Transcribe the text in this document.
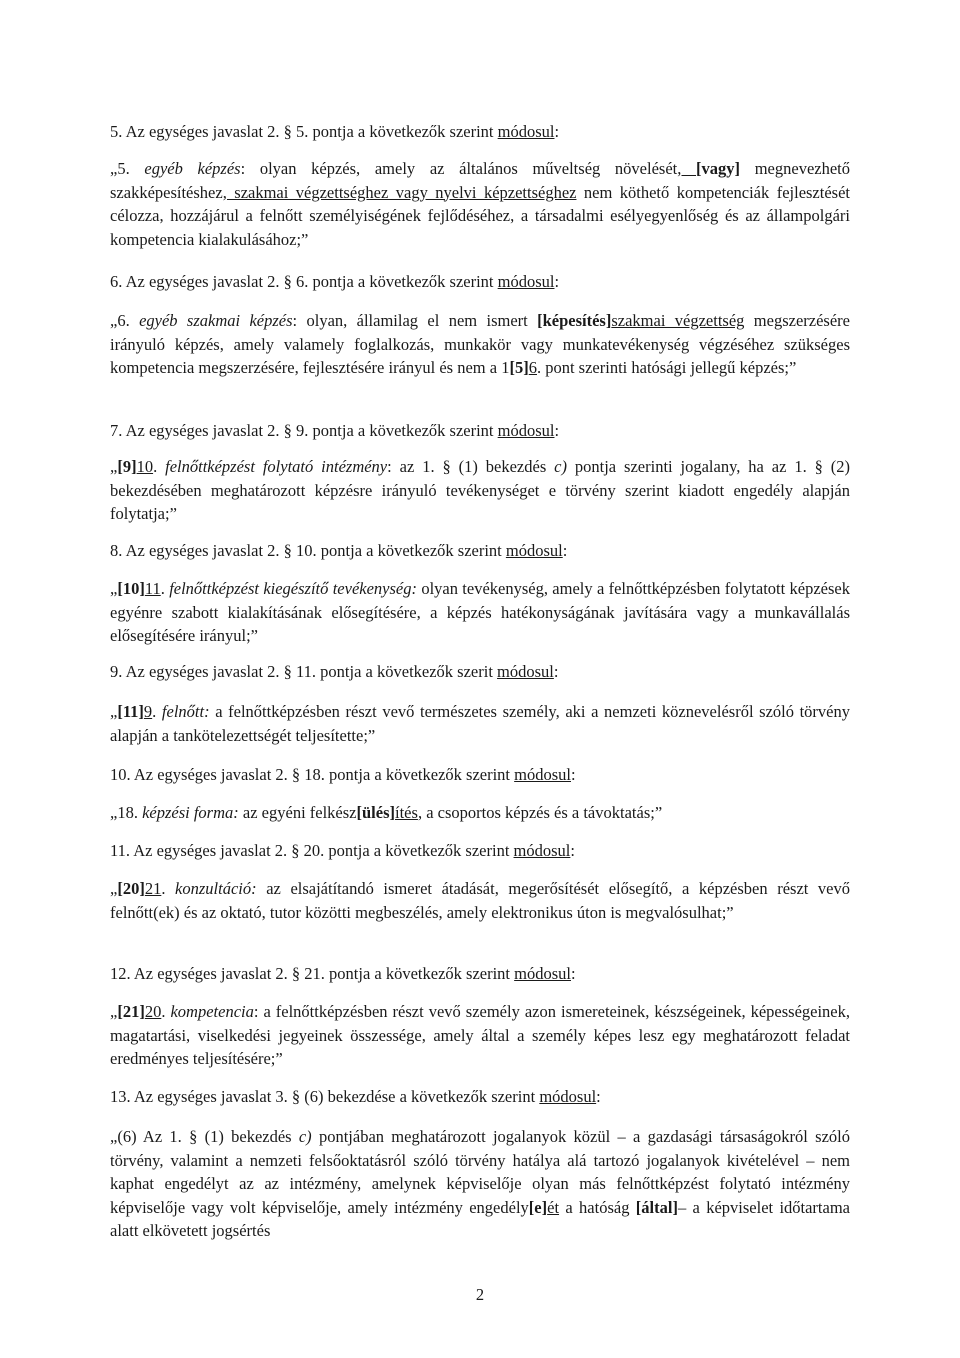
5. Az egységes javaslat 2. § 5. pontja a következők szerint módosul:
„5. egyéb képzés: olyan képzés, amely az általános műveltség növelését, [vagy] megnevezhető szakképesítéshez, szakmai végzettséghez vagy nyelvi képzettséghez nem köthető kompetenciák fejlesztését célozza, hozzájárul a felnőtt személyiségének fejlődéséhez, a társadalmi esélyegyenlőség és az állampolgári kompetencia kialakulásához;”
6. Az egységes javaslat 2. § 6. pontja a következők szerint módosul:
„6. egyéb szakmai képzés: olyan, államilag el nem ismert [képesítés]szakmai végzettség megszerzésére irányuló képzés, amely valamely foglalkozás, munkakör vagy munkatevékenység végzéséhez szükséges kompetencia megszerzésére, fejlesztésére irányul és nem a 1[5]6. pont szerinti hatósági jellegű képzés;”
7. Az egységes javaslat 2. § 9. pontja a következők szerint módosul:
„[9]10. felnőttképzést folytató intézmény: az 1. § (1) bekezdés c) pontja szerinti jogalany, ha az 1. § (2) bekezdésében meghatározott képzésre irányuló tevékenységet e törvény szerint kiadott engedély alapján folytatja;”
8. Az egységes javaslat 2. § 10. pontja a következők szerint módosul:
„[10]11. felnőttképzést kiegészítő tevékenység: olyan tevékenység, amely a felnőttképzésben folytatott képzések egyénre szabott kialakításának elősegítésére, a képzés hatékonyságának javítására vagy a munkavállalás elősegítésére irányul;”
9. Az egységes javaslat 2. § 11. pontja a következők szerit módosul:
„[11]9. felnőtt: a felnőttképzésben részt vevő természetes személy, aki a nemzeti köznevelésről szóló törvény alapján a tankötelezettségét teljesítette;”
10. Az egységes javaslat 2. § 18. pontja a következők szerint módosul:
„18. képzési forma: az egyéni felkész[ülés]ítés, a csoportos képzés és a távoktatás;”
11. Az egységes javaslat 2. § 20. pontja a következők szerint módosul:
„[20]21. konzultáció: az elsajátítandó ismeret átadását, megerősítését elősegítő, a képzésben részt vevő felnőtt(ek) és az oktató, tutor közötti megbeszélés, amely elektronikus úton is megvalósulhat;”
12. Az egységes javaslat 2. § 21. pontja a következők szerint módosul:
„[21]20. kompetencia: a felnőttképzésben részt vevő személy azon ismereteinek, készségeinek, képességeinek, magatartási, viselkedési jegyeinek összessége, amely által a személy képes lesz egy meghatározott feladat eredményes teljesítésére;”
13. Az egységes javaslat 3. § (6) bekezdése a következők szerint módosul:
„(6) Az 1. § (1) bekezdés c) pontjában meghatározott jogalanyok közül – a gazdasági társaságokról szóló törvény, valamint a nemzeti felsőoktatásról szóló törvény hatálya alá tartozó jogalanyok kivételével – nem kaphat engedélyt az az intézmény, amelynek képviselője olyan más felnőttképzést folytató intézmény képviselője vagy volt képviselője, amely intézmény engedély[e]ét a hatóság [által]– a képviselet időtartama alatt elkövetett jogsértés
2
